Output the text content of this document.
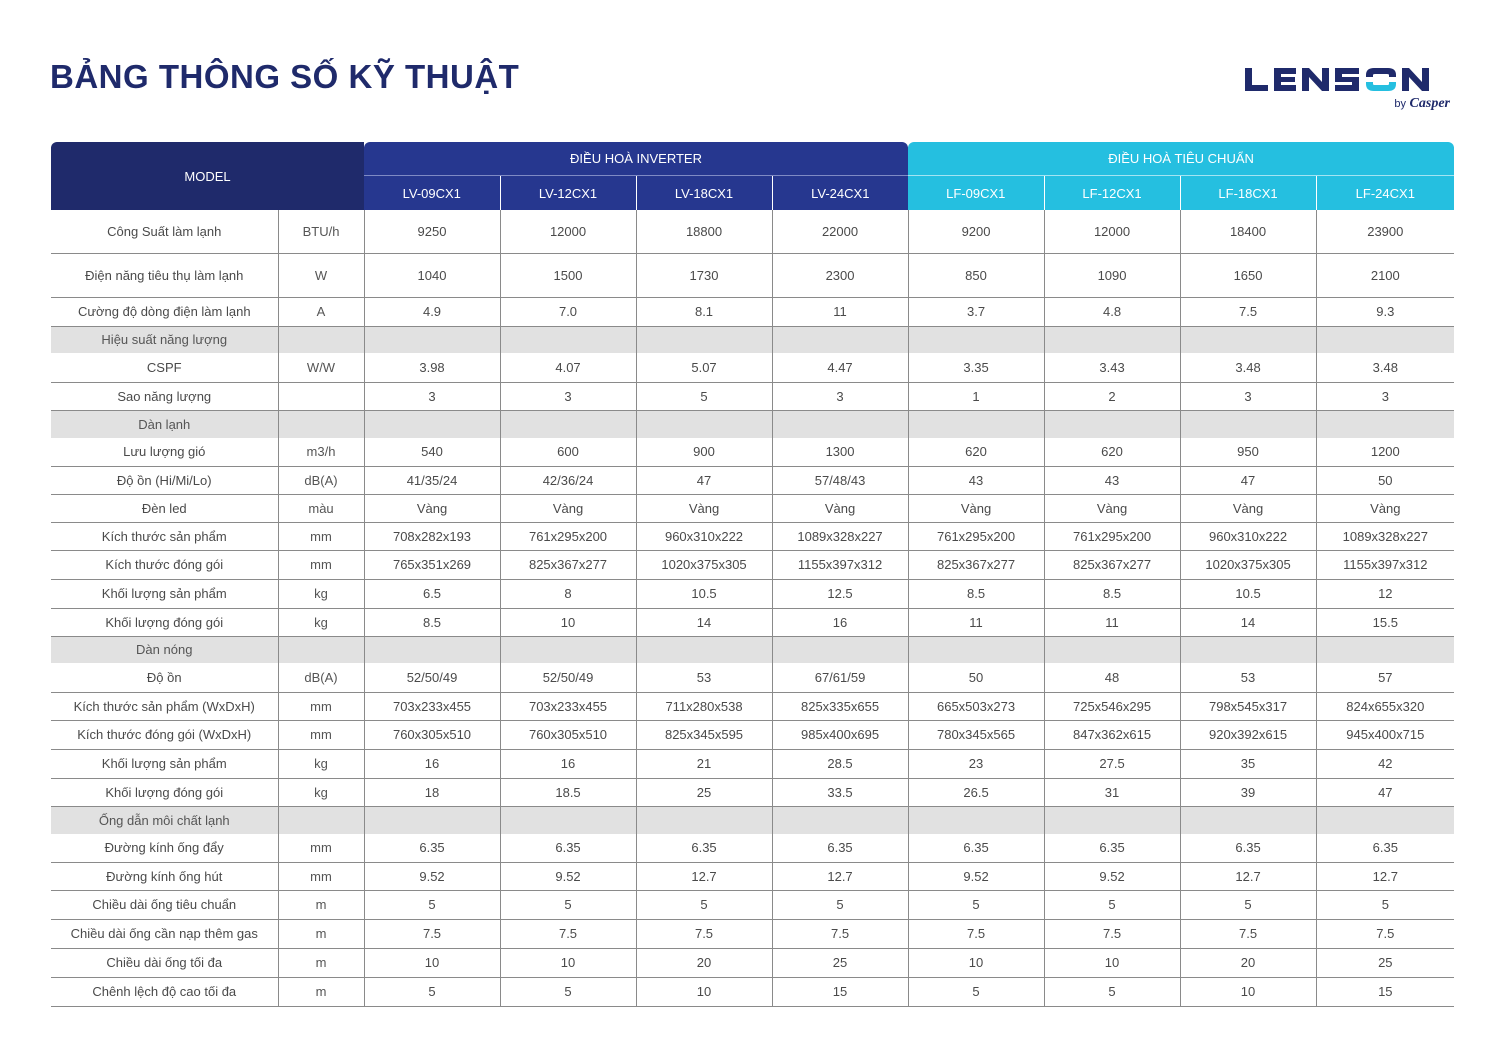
BẢNG THÔNG SỐ KỸ THUẬT
by Casper
MODEL		ĐIỀU HOÀ INVERTER				ĐIỀU HOÀ TIÊU CHUẨN			
		LV-09CX1	LV-12CX1	LV-18CX1	LV-24CX1	LF-09CX1	LF-12CX1	LF-18CX1	LF-24CX1
Công Suất làm lạnh	BTU/h	9250	12000	18800	22000	9200	12000	18400	23900
Điện năng tiêu thụ làm lạnh	W	1040	1500	1730	2300	850	1090	1650	2100
Cường độ dòng điện làm lạnh	A	4.9	7.0	8.1	11	3.7	4.8	7.5	9.3
Hiệu suất năng lượng									
CSPF	W/W	3.98	4.07	5.07	4.47	3.35	3.43	3.48	3.48
Sao năng lượng		3	3	5	3	1	2	3	3
Dàn lạnh									
Lưu lượng gió	m3/h	540	600	900	1300	620	620	950	1200
Độ ồn (Hi/Mi/Lo)	dB(A)	41/35/24	42/36/24	47	57/48/43	43	43	47	50
Đèn led	màu	Vàng	Vàng	Vàng	Vàng	Vàng	Vàng	Vàng	Vàng
Kích thước sản phẩm	mm	708x282x193	761x295x200	960x310x222	1089x328x227	761x295x200	761x295x200	960x310x222	1089x328x227
Kích thước đóng gói	mm	765x351x269	825x367x277	1020x375x305	1155x397x312	825x367x277	825x367x277	1020x375x305	1155x397x312
Khối lượng sản phẩm	kg	6.5	8	10.5	12.5	8.5	8.5	10.5	12
Khối lượng đóng gói	kg	8.5	10	14	16	11	11	14	15.5
Dàn nóng									
Độ ồn	dB(A)	52/50/49	52/50/49	53	67/61/59	50	48	53	57
Kích thước sản phẩm (WxDxH)	mm	703x233x455	703x233x455	711x280x538	825x335x655	665x503x273	725x546x295	798x545x317	824x655x320
Kích thước đóng gói (WxDxH)	mm	760x305x510	760x305x510	825x345x595	985x400x695	780x345x565	847x362x615	920x392x615	945x400x715
Khối lượng sản phẩm	kg	16	16	21	28.5	23	27.5	35	42
Khối lượng đóng gói	kg	18	18.5	25	33.5	26.5	31	39	47
Ống dẫn môi chất lạnh									
Đường kính ống đẩy	mm	6.35	6.35	6.35	6.35	6.35	6.35	6.35	6.35
Đường kính ống hút	mm	9.52	9.52	12.7	12.7	9.52	9.52	12.7	12.7
Chiều dài ống tiêu chuẩn	m	5	5	5	5	5	5	5	5
Chiều dài ống cần nạp thêm gas	m	7.5	7.5	7.5	7.5	7.5	7.5	7.5	7.5
Chiều dài ống tối đa	m	10	10	20	25	10	10	20	25
Chênh lệch độ cao tối đa	m	5	5	10	15	5	5	10	15
